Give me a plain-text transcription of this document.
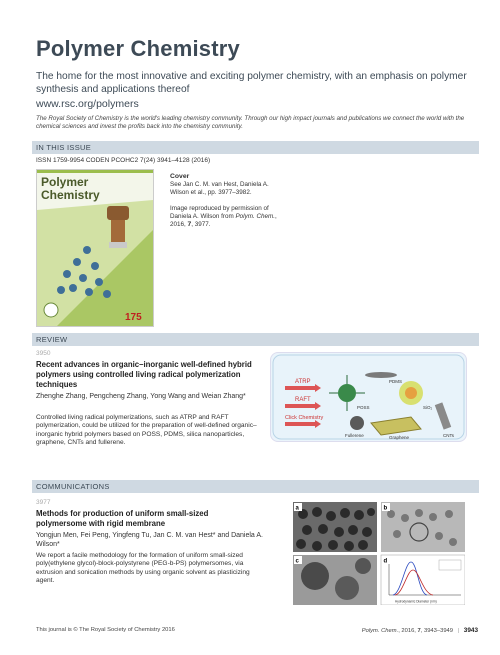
Polymer Chemistry
The home for the most innovative and exciting polymer chemistry, with an emphasis on polymer synthesis and applications thereof
www.rsc.org/polymers
The Royal Society of Chemistry is the world's leading chemistry community. Through our high impact journals and publications we connect the world with the chemical sciences and invest the profits back into the chemistry community.
IN THIS ISSUE
ISSN 1759-9954 CODEN PCOHC2 7(24) 3941–4128 (2016)
Polymer
Chemistry
175
Cover
See Jan C. M. van Hest, Daniela A. Wilson et al., pp. 3977–3982.
Image reproduced by permission of Daniela A. Wilson from Polym. Chem., 2016, 7, 3977.
REVIEW
3950
Recent advances in organic–inorganic well-defined hybrid polymers using controlled living radical polymerization techniques
Zhenghe Zhang, Pengcheng Zhang, Yong Wang and Weian Zhang*
Controlled living radical polymerizations, such as ATRP and RAFT polymerization, could be utilized for the preparation of well-defined organic–inorganic hybrid polymers based on POSS, PDMS, silica nanoparticles, graphene, CNTs and fullerene.
ATRP
RAFT
Click Chemistry
POSS
PDMS
SiO₂
Fullerene	Graphene	CNTs
COMMUNICATIONS
3977
Methods for production of uniform small-sized polymersome with rigid membrane
Yongjun Men, Fei Peng, Yingfeng Tu, Jan C. M. van Hest* and Daniela A. Wilson*
We report a facile methodology for the formation of uniform small-sized poly(ethylene glycol)-block-polystyrene (PEG-b-PS) polymersomes, via extrusion and sonication methods by using organic solvent as plasticizing agent.
a	b
c
Hydrodynamic Diameter (nm)
d
This journal is © The Royal Society of Chemistry 2016	Polym. Chem., 2016, 7, 3943–3949 | 3943
